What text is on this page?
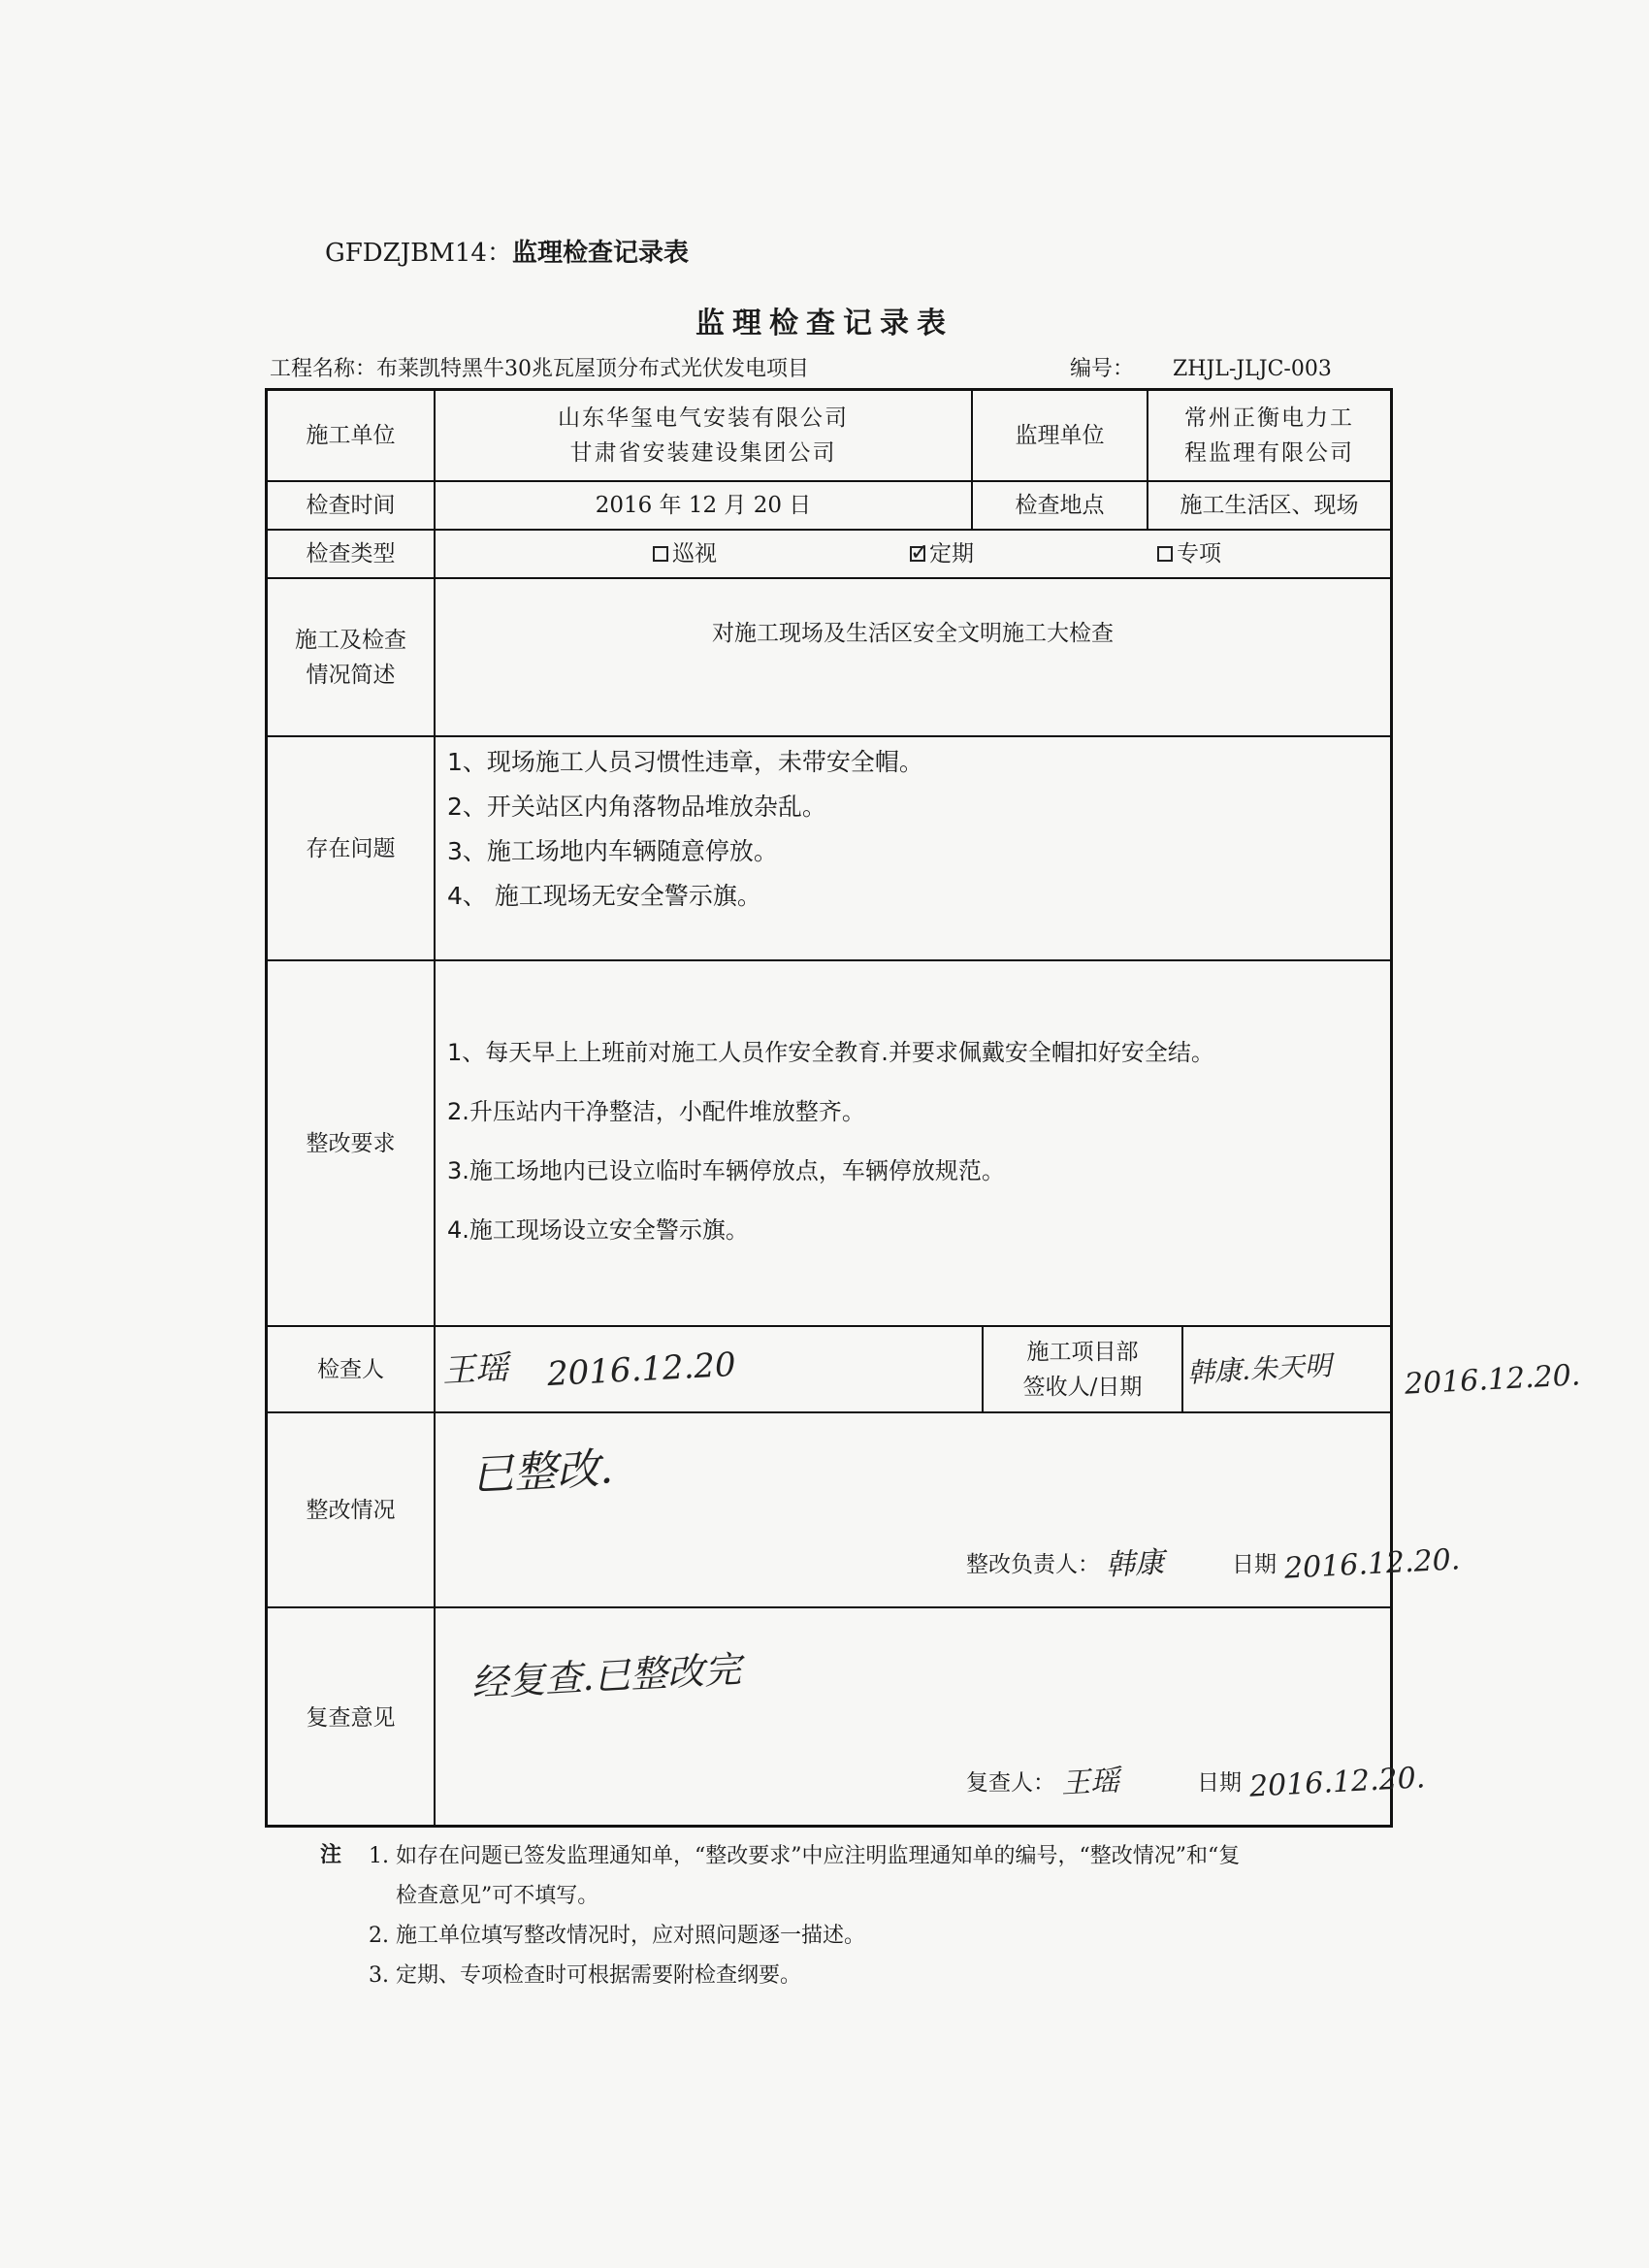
GFDZJBM14：监理检查记录表
监理检查记录表
工程名称：布莱凯特黑牛30兆瓦屋顶分布式光伏发电项目	编号： ZHJL-JLJC-003
施工单位
山东华玺电气安装有限公司
甘肃省安装建设集团公司
监理单位
常州正衡电力工
程监理有限公司
检查时间	2016 年 12 月 20 日	检查地点	施工生活区、现场
检查类型	巡视
✓	定期	专项
施工及检查
情况简述
对施工现场及生活区安全文明施工大检查
存在问题
1、现场施工人员习惯性违章，未带安全帽。
2、开关站区内角落物品堆放杂乱。
3、施工场地内车辆随意停放。
4、 施工现场无安全警示旗。
整改要求
1、每天早上上班前对施工人员作安全教育.并要求佩戴安全帽扣好安全结。
2.升压站内干净整洁，小配件堆放整齐。
3.施工场地内已设立临时车辆停放点，车辆停放规范。
4.施工现场设立安全警示旗。
检查人	王瑶 2016.12.20	施工项目部
签收人/日期 韩康.朱天明
整改情况
已整改.
整改负责人： 韩康	日期 2016.12.20.
复查意见
经复查.已整改完
复查人： 王瑶	日期 2016.12.20.
2016.12.20.
注 1. 如存在问题已签发监理通知单，“整改要求”中应注明监理通知单的编号，“整改情况”和“复
检查意见”可不填写。
2. 施工单位填写整改情况时，应对照问题逐一描述。
3. 定期、专项检查时可根据需要附检查纲要。
